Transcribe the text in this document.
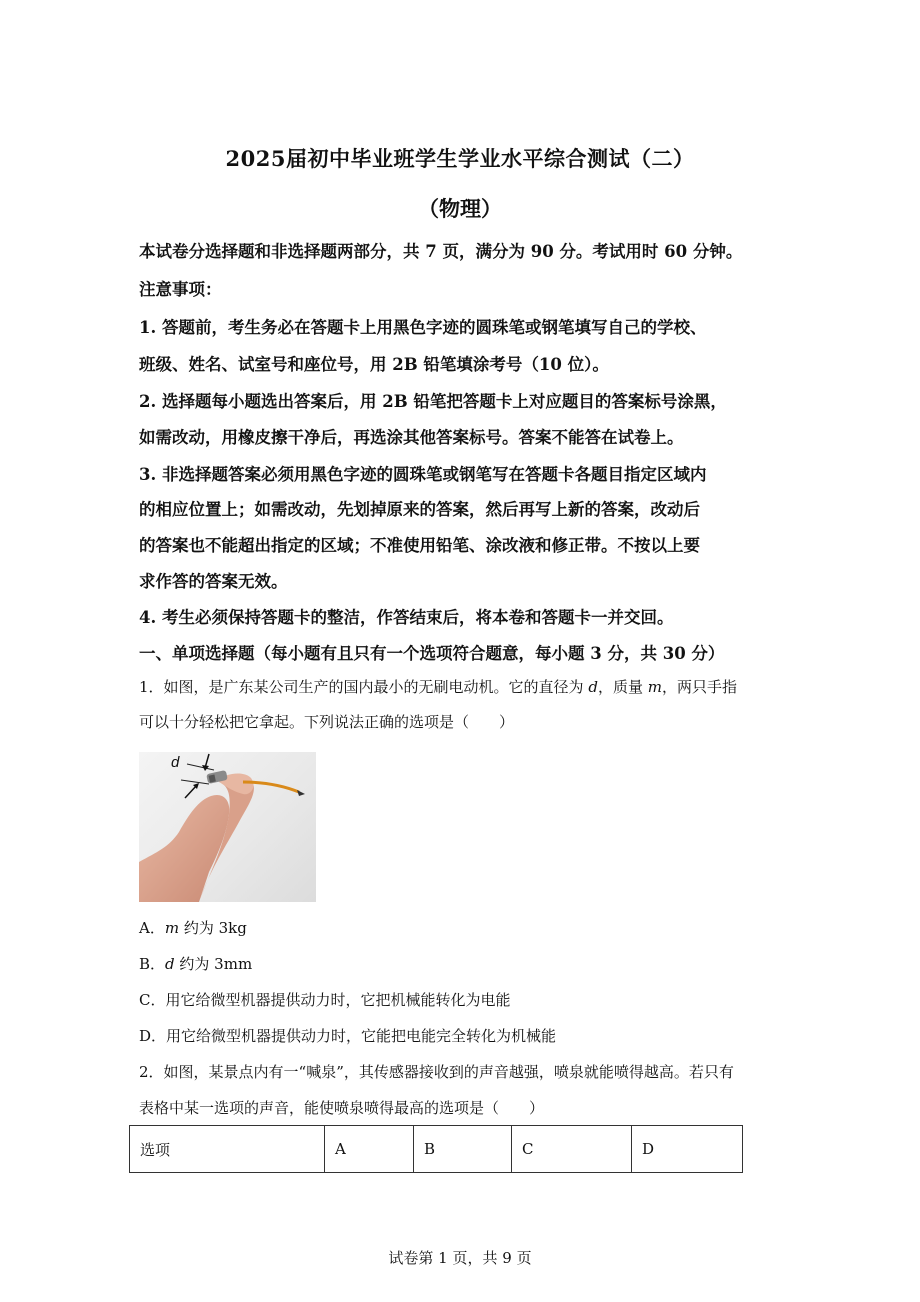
2025届初中毕业班学生学业水平综合测试（二）
（物理）
本试卷分选择题和非选择题两部分，共 7 页，满分为 90 分。考试用时 60 分钟。
注意事项：
1. 答题前，考生务必在答题卡上用黑色字迹的圆珠笔或钢笔填写自己的学校、
班级、姓名、试室号和座位号，用 2B 铅笔填涂考号（10 位）。
2. 选择题每小题选出答案后，用 2B 铅笔把答题卡上对应题目的答案标号涂黑，
如需改动，用橡皮擦干净后，再选涂其他答案标号。答案不能答在试卷上。
3. 非选择题答案必须用黑色字迹的圆珠笔或钢笔写在答题卡各题目指定区域内
的相应位置上；如需改动，先划掉原来的答案，然后再写上新的答案，改动后
的答案也不能超出指定的区域；不准使用铅笔、涂改液和修正带。不按以上要
求作答的答案无效。
4. 考生必须保持答题卡的整洁，作答结束后，将本卷和答题卡一并交回。
一、单项选择题（每小题有且只有一个选项符合题意，每小题 3 分，共 30 分）
1．如图，是广东某公司生产的国内最小的无刷电动机。它的直径为 d，质量 m，两只手指
可以十分轻松把它拿起。下列说法正确的选项是（　　）
d
A．m 约为 3kg
B．d 约为 3mm
C．用它给微型机器提供动力时，它把机械能转化为电能
D．用它给微型机器提供动力时，它能把电能完全转化为机械能
2．如图，某景点内有一“喊泉”，其传感器接收到的声音越强，喷泉就能喷得越高。若只有
表格中某一选项的声音，能使喷泉喷得最高的选项是（　　）
选项	A	B	C	D
试卷第 1 页，共 9 页
